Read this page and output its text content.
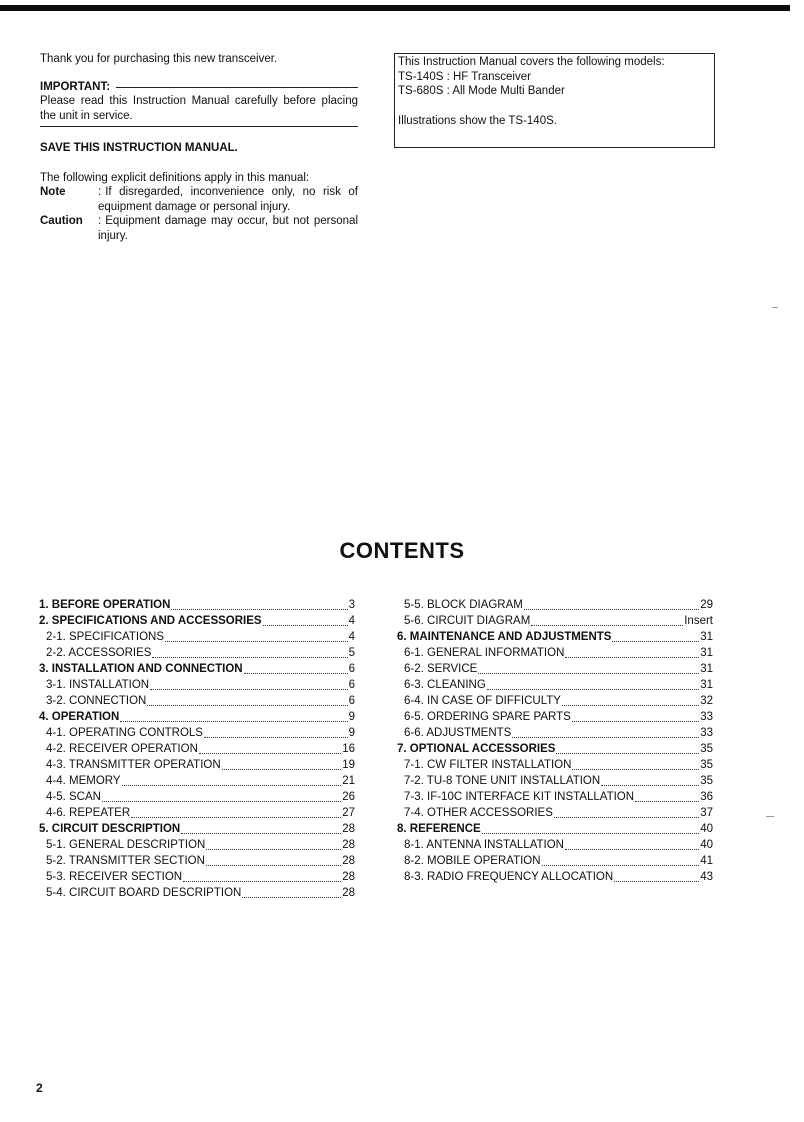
Thank you for purchasing this new transceiver.

IMPORTANT:

Please read this Instruction Manual carefully before placing the unit in service.

SAVE THIS INSTRUCTION MANUAL.

The following explicit definitions apply in this manual:

Note	: If disregarded, inconvenience only, no risk of equipment damage or personal injury.
Caution	: Equipment damage may occur, but not personal injury.
This Instruction Manual covers the following models:
TS-140S : HF Transceiver
TS-680S : All Mode Multi Bander
Illustrations show the TS-140S.
CONTENTS
1. BEFORE OPERATION	3
2. SPECIFICATIONS AND ACCESSORIES	4
2-1. SPECIFICATIONS	4
2-2. ACCESSORIES	5
3. INSTALLATION AND CONNECTION	6
3-1. INSTALLATION	6
3-2. CONNECTION	6
4. OPERATION	9
4-1. OPERATING CONTROLS	9
4-2. RECEIVER OPERATION	16
4-3. TRANSMITTER OPERATION	19
4-4. MEMORY	21
4-5. SCAN	26
4-6. REPEATER	27
5. CIRCUIT DESCRIPTION	28
5-1. GENERAL DESCRIPTION	28
5-2. TRANSMITTER SECTION	28
5-3. RECEIVER SECTION	28
5-4. CIRCUIT BOARD DESCRIPTION	28
5-5. BLOCK DIAGRAM	29
5-6. CIRCUIT DIAGRAM	Insert
6. MAINTENANCE AND ADJUSTMENTS	31
6-1. GENERAL INFORMATION	31
6-2. SERVICE	31
6-3. CLEANING	31
6-4. IN CASE OF DIFFICULTY	32
6-5. ORDERING SPARE PARTS	33
6-6. ADJUSTMENTS	33
7. OPTIONAL ACCESSORIES	35
7-1. CW FILTER INSTALLATION	35
7-2. TU-8 TONE UNIT INSTALLATION	35
7-3. IF-10C INTERFACE KIT INSTALLATION	36
7-4. OTHER ACCESSORIES	37
8. REFERENCE	40
8-1. ANTENNA INSTALLATION	40
8-2. MOBILE OPERATION	41
8-3. RADIO FREQUENCY ALLOCATION	43
2
